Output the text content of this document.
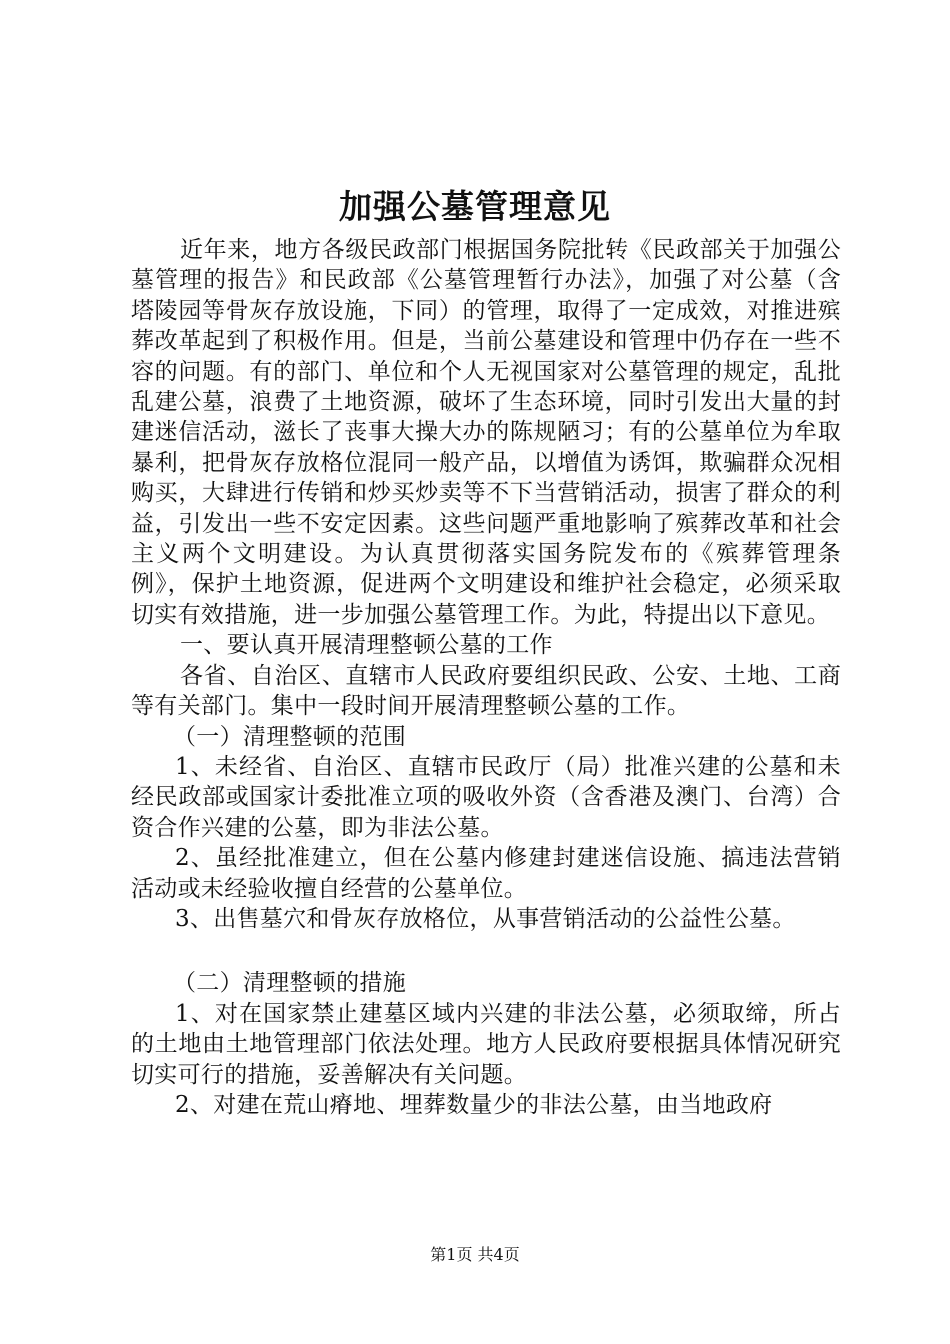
加强公墓管理意见

近年来，地方各级民政部门根据国务院批转《民政部关于加强公墓管理的报告》和民政部《公墓管理暂行办法》，加强了对公墓（含塔陵园等骨灰存放设施，下同）的管理，取得了一定成效，对推进殡葬改革起到了积极作用。但是，当前公墓建设和管理中仍存在一些不容的问题。有的部门、单位和个人无视国家对公墓管理的规定，乱批乱建公墓，浪费了土地资源，破坏了生态环境，同时引发出大量的封建迷信活动，滋长了丧事大操大办的陈规陋习；有的公墓单位为牟取暴利，把骨灰存放格位混同一般产品，以增值为诱饵，欺骗群众况相购买，大肆进行传销和炒买炒卖等不下当营销活动，损害了群众的利益，引发出一些不安定因素。这些问题严重地影响了殡葬改革和社会主义两个文明建设。为认真贯彻落实国务院发布的《殡葬管理条例》，保护土地资源，促进两个文明建设和维护社会稳定，必须采取切实有效措施，进一步加强公墓管理工作。为此，特提出以下意见。

一、要认真开展清理整顿公墓的工作

各省、自治区、直辖市人民政府要组织民政、公安、土地、工商等有关部门。集中一段时间开展清理整顿公墓的工作。

（一）清理整顿的范围

1、未经省、自治区、直辖市民政厅（局）批准兴建的公墓和未经民政部或国家计委批准立项的吸收外资（含香港及澳门、台湾）合资合作兴建的公墓，即为非法公墓。

2、虽经批准建立，但在公墓内修建封建迷信设施、搞违法营销活动或未经验收擅自经营的公墓单位。

3、出售墓穴和骨灰存放格位，从事营销活动的公益性公墓。

（二）清理整顿的措施

1、对在国家禁止建墓区域内兴建的非法公墓，必须取缔，所占的土地由土地管理部门依法处理。地方人民政府要根据具体情况研究切实可行的措施，妥善解决有关问题。

2、对建在荒山瘠地、埋葬数量少的非法公墓，由当地政府

第1页 共4页
